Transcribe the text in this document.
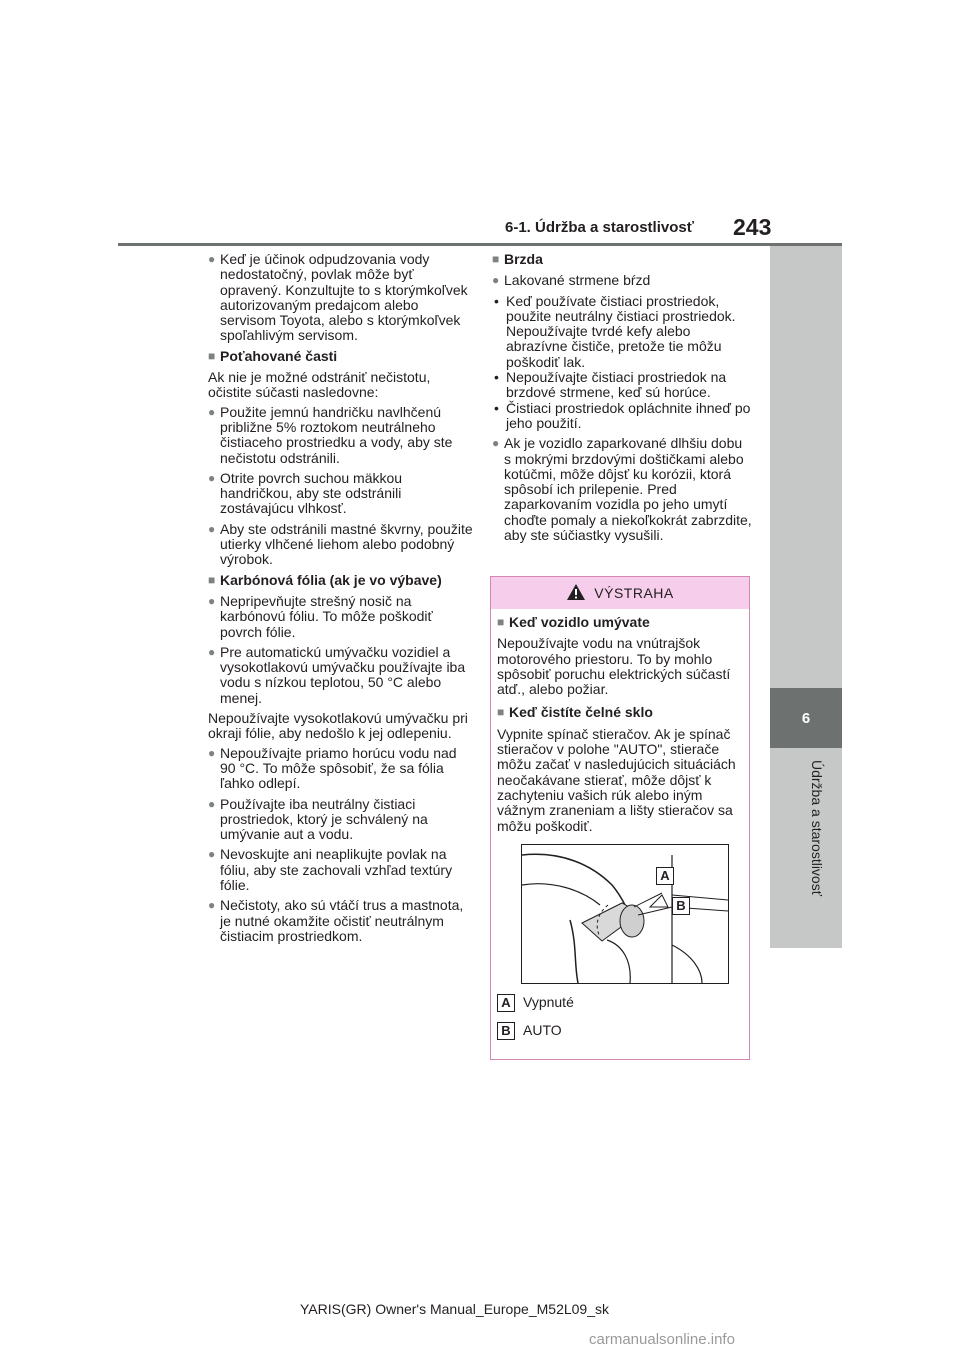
6-1. Údržba a starostlivosť 243
6
Údržba a starostlivosť
● Keď je účinok odpudzovania vody nedostatočný, povlak môže byť opravený. Konzultujte to s ktorýmkoľvek autorizovaným predajcom alebo servisom Toyota, alebo s ktorýmkoľvek spoľahlivým servisom.
■ Poťahované časti
Ak nie je možné odstrániť nečistotu, očistite súčasti nasledovne:
● Použite jemnú handričku navlhčenú približne 5% roztokom neutrálneho čistiaceho prostriedku a vody, aby ste nečistotu odstránili.
● Otrite povrch suchou mäkkou handričkou, aby ste odstránili zostávajúcu vlhkosť.
● Aby ste odstránili mastné škvrny, použite utierky vlhčené liehom alebo podobný výrobok.
■ Karbónová fólia (ak je vo výbave)
● Nepripevňujte strešný nosič na karbónovú fóliu. To môže poškodiť povrch fólie.
● Pre automatickú umývačku vozidiel a vysokotlakovú umývačku používajte iba vodu s nízkou teplotou, 50 °C alebo menej.
Nepoužívajte vysokotlakovú umývačku pri okraji fólie, aby nedošlo k jej odlepeniu.
● Nepoužívajte priamo horúcu vodu nad 90 °C. To môže spôsobiť, že sa fólia ľahko odlepí.
● Používajte iba neutrálny čistiaci prostriedok, ktorý je schválený na umývanie aut a vodu.
● Nevoskujte ani neaplikujte povlak na fóliu, aby ste zachovali vzhľad textúry fólie.
● Nečistoty, ako sú vtáčí trus a mastnota, je nutné okamžite očistiť neutrálnym čistiacim prostriedkom.
■ Brzda
● Lakované strmene bŕzd
• Keď používate čistiaci prostriedok, použite neutrálny čistiaci prostriedok. Nepoužívajte tvrdé kefy alebo abrazívne čističe, pretože tie môžu poškodiť lak.
• Nepoužívajte čistiaci prostriedok na brzdové strmene, keď sú horúce.
• Čistiaci prostriedok opláchnite ihneď po jeho použití.
● Ak je vozidlo zaparkované dlhšiu dobu s mokrými brzdovými doštičkami alebo kotúčmi, môže dôjsť ku korózii, ktorá spôsobí ich prilepenie. Pred zaparkovaním vozidla po jeho umytí choďte pomaly a niekoľkokrát zabrzdite, aby ste súčiastky vysušili.
VÝSTRAHA
■ Keď vozidlo umývate
Nepoužívajte vodu na vnútrajšok motorového priestoru. To by mohlo spôsobiť poruchu elektrických súčastí atď., alebo požiar.
■ Keď čistíte čelné sklo
Vypnite spínač stieračov. Ak je spínač stieračov v polohe "AUTO", stierače môžu začať v nasledujúcich situáciách neočakávane stierať, môže dôjsť k zachyteniu vašich rúk alebo iným vážnym zraneniam a lišty stieračov sa môžu poškodiť.
A
B
A Vypnuté
B AUTO
YARIS(GR) Owner's Manual_Europe_M52L09_sk
carmanualsonline.info
